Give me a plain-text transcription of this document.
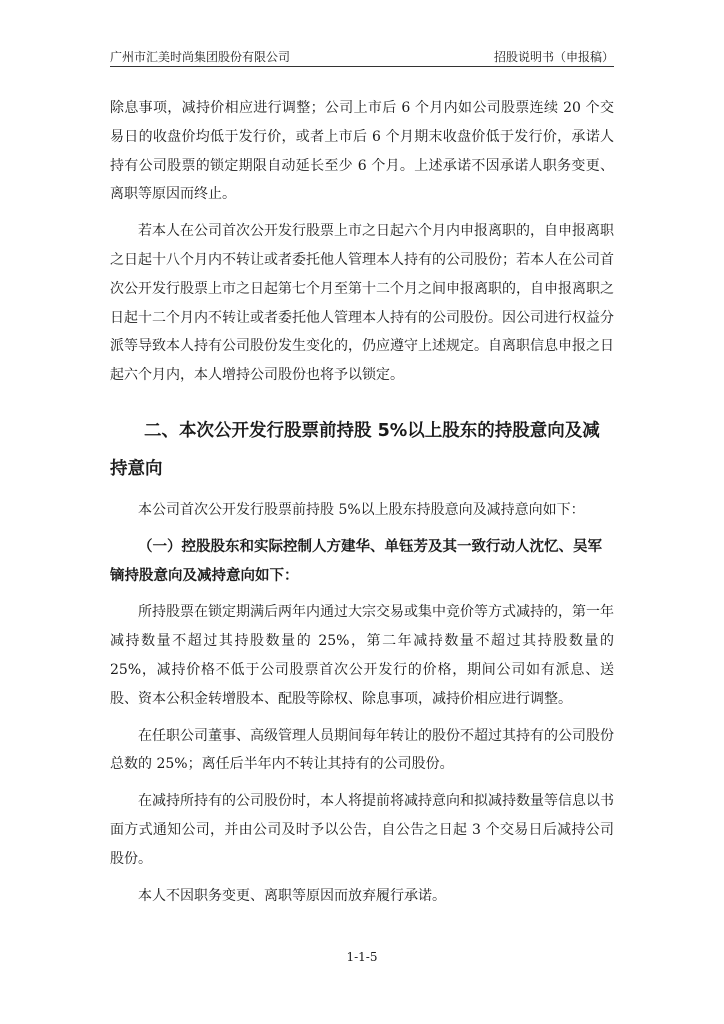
广州市汇美时尚集团股份有限公司	招股说明书（申报稿）

除息事项，减持价相应进行调整；公司上市后 6 个月内如公司股票连续 20 个交易日的收盘价均低于发行价，或者上市后 6 个月期末收盘价低于发行价，承诺人持有公司股票的锁定期限自动延长至少 6 个月。上述承诺不因承诺人职务变更、离职等原因而终止。

若本人在公司首次公开发行股票上市之日起六个月内申报离职的，自申报离职之日起十八个月内不转让或者委托他人管理本人持有的公司股份；若本人在公司首次公开发行股票上市之日起第七个月至第十二个月之间申报离职的，自申报离职之日起十二个月内不转让或者委托他人管理本人持有的公司股份。因公司进行权益分派等导致本人持有公司股份发生变化的，仍应遵守上述规定。自离职信息申报之日起六个月内，本人增持公司股份也将予以锁定。

二、本次公开发行股票前持股 5%以上股东的持股意向及减持意向

本公司首次公开发行股票前持股 5%以上股东持股意向及减持意向如下：

（一）控股股东和实际控制人方建华、单钰芳及其一致行动人沈忆、吴军镝持股意向及减持意向如下：

所持股票在锁定期满后两年内通过大宗交易或集中竞价等方式减持的，第一年减持数量不超过其持股数量的 25%，第二年减持数量不超过其持股数量的 25%，减持价格不低于公司股票首次公开发行的价格，期间公司如有派息、送股、资本公积金转增股本、配股等除权、除息事项，减持价相应进行调整。

在任职公司董事、高级管理人员期间每年转让的股份不超过其持有的公司股份总数的 25%；离任后半年内不转让其持有的公司股份。

在减持所持有的公司股份时，本人将提前将减持意向和拟减持数量等信息以书面方式通知公司，并由公司及时予以公告，自公告之日起 3 个交易日后减持公司股份。

本人不因职务变更、离职等原因而放弃履行承诺。

1-1-5
